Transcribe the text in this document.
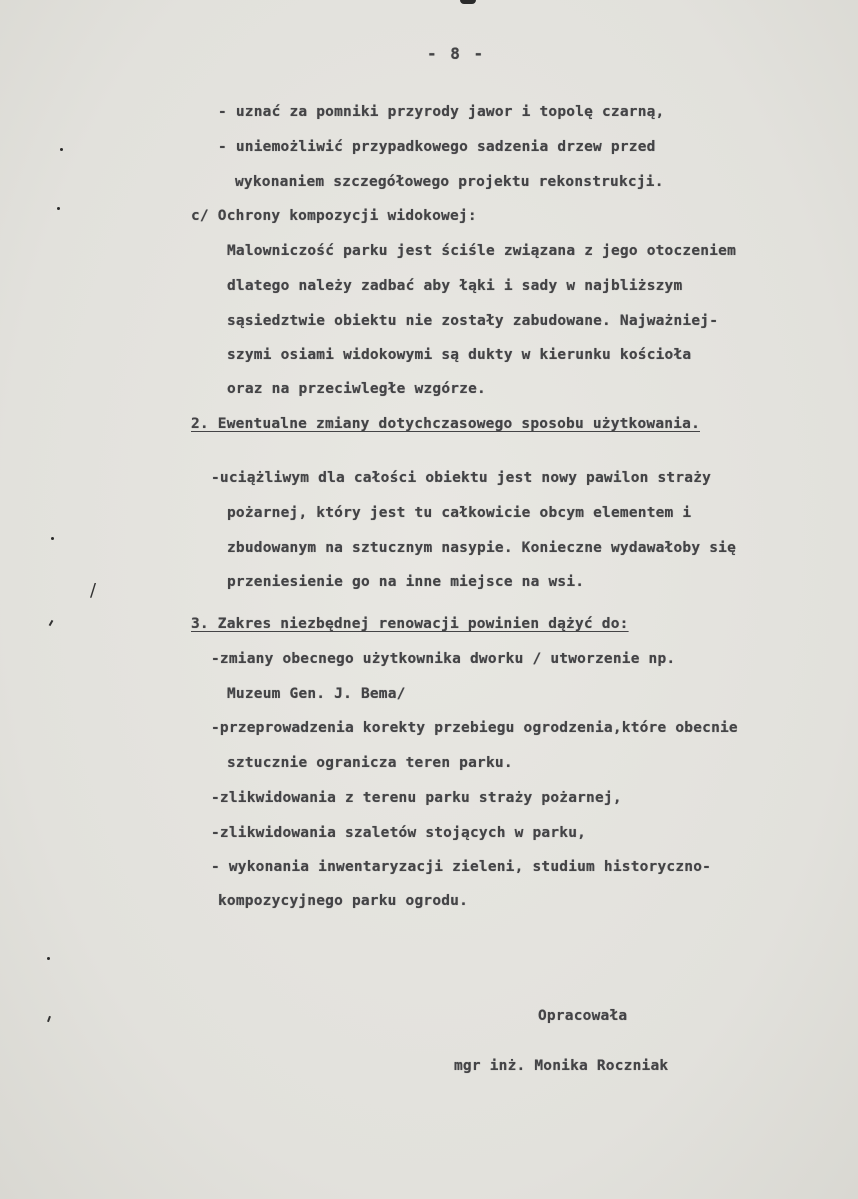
- 8 -
- uznać za pomniki przyrody jawor i topolę czarną,
- uniemożliwić przypadkowego sadzenia drzew przed
wykonaniem szczegółowego projektu rekonstrukcji.
c/ Ochrony kompozycji widokowej:
Malowniczość parku jest ściśle związana z jego otoczeniem
dlatego należy zadbać aby łąki i sady w najbliższym
sąsiedztwie obiektu nie zostały zabudowane. Najważniej-
szymi osiami widokowymi są dukty w kierunku kościoła
oraz na przeciwległe wzgórze.
2. Ewentualne zmiany dotychczasowego sposobu użytkowania.
-uciążliwym dla całości obiektu jest nowy pawilon straży
pożarnej, który jest tu całkowicie obcym elementem i
zbudowanym na sztucznym nasypie. Konieczne wydawałoby się
przeniesienie go na inne miejsce na wsi.
3. Zakres niezbędnej renowacji powinien dążyć do:
-zmiany obecnego użytkownika dworku / utworzenie np.
Muzeum Gen. J. Bema/
-przeprowadzenia korekty przebiegu ogrodzenia,które obecnie
sztucznie ogranicza teren parku.
-zlikwidowania z terenu parku straży pożarnej,
-zlikwidowania szaletów stojących w parku,
- wykonania inwentaryzacji zieleni, studium historyczno-
kompozycyjnego parku ogrodu.
Opracowała
mgr inż. Monika Roczniak
/
